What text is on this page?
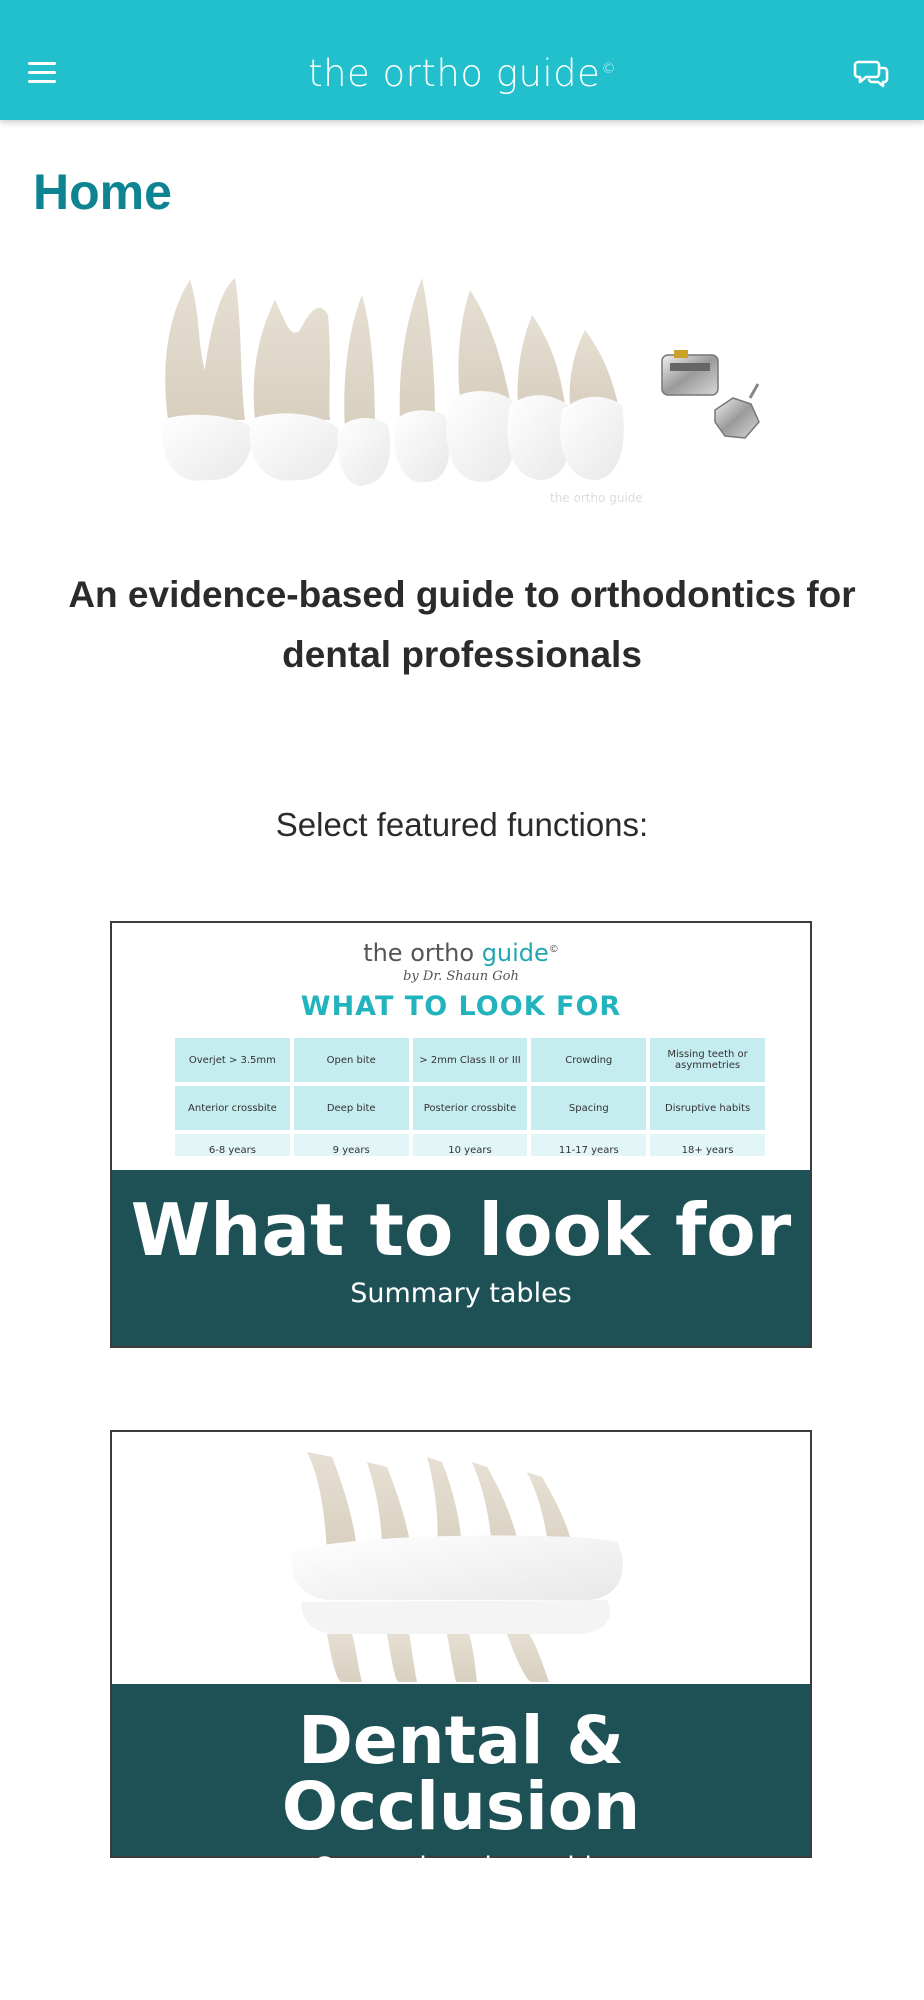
the ortho guide©
Home
the ortho guide

An evidence-based guide to orthodontics for dental professionals

Select featured functions:

the ortho guide©
by Dr. Shaun Goh
WHAT TO LOOK FOR
Overjet > 3.5mm	Open bite	> 2mm Class II or III	Crowding	Missing teeth or asymmetries
Anterior crossbite	Deep bite	Posterior crossbite	Spacing	Disruptive habits
6-8 years	9 years	10 years	11-17 years	18+ years
What to look for
Summary tables
Dental & Occlusion
Comprehensive guide
